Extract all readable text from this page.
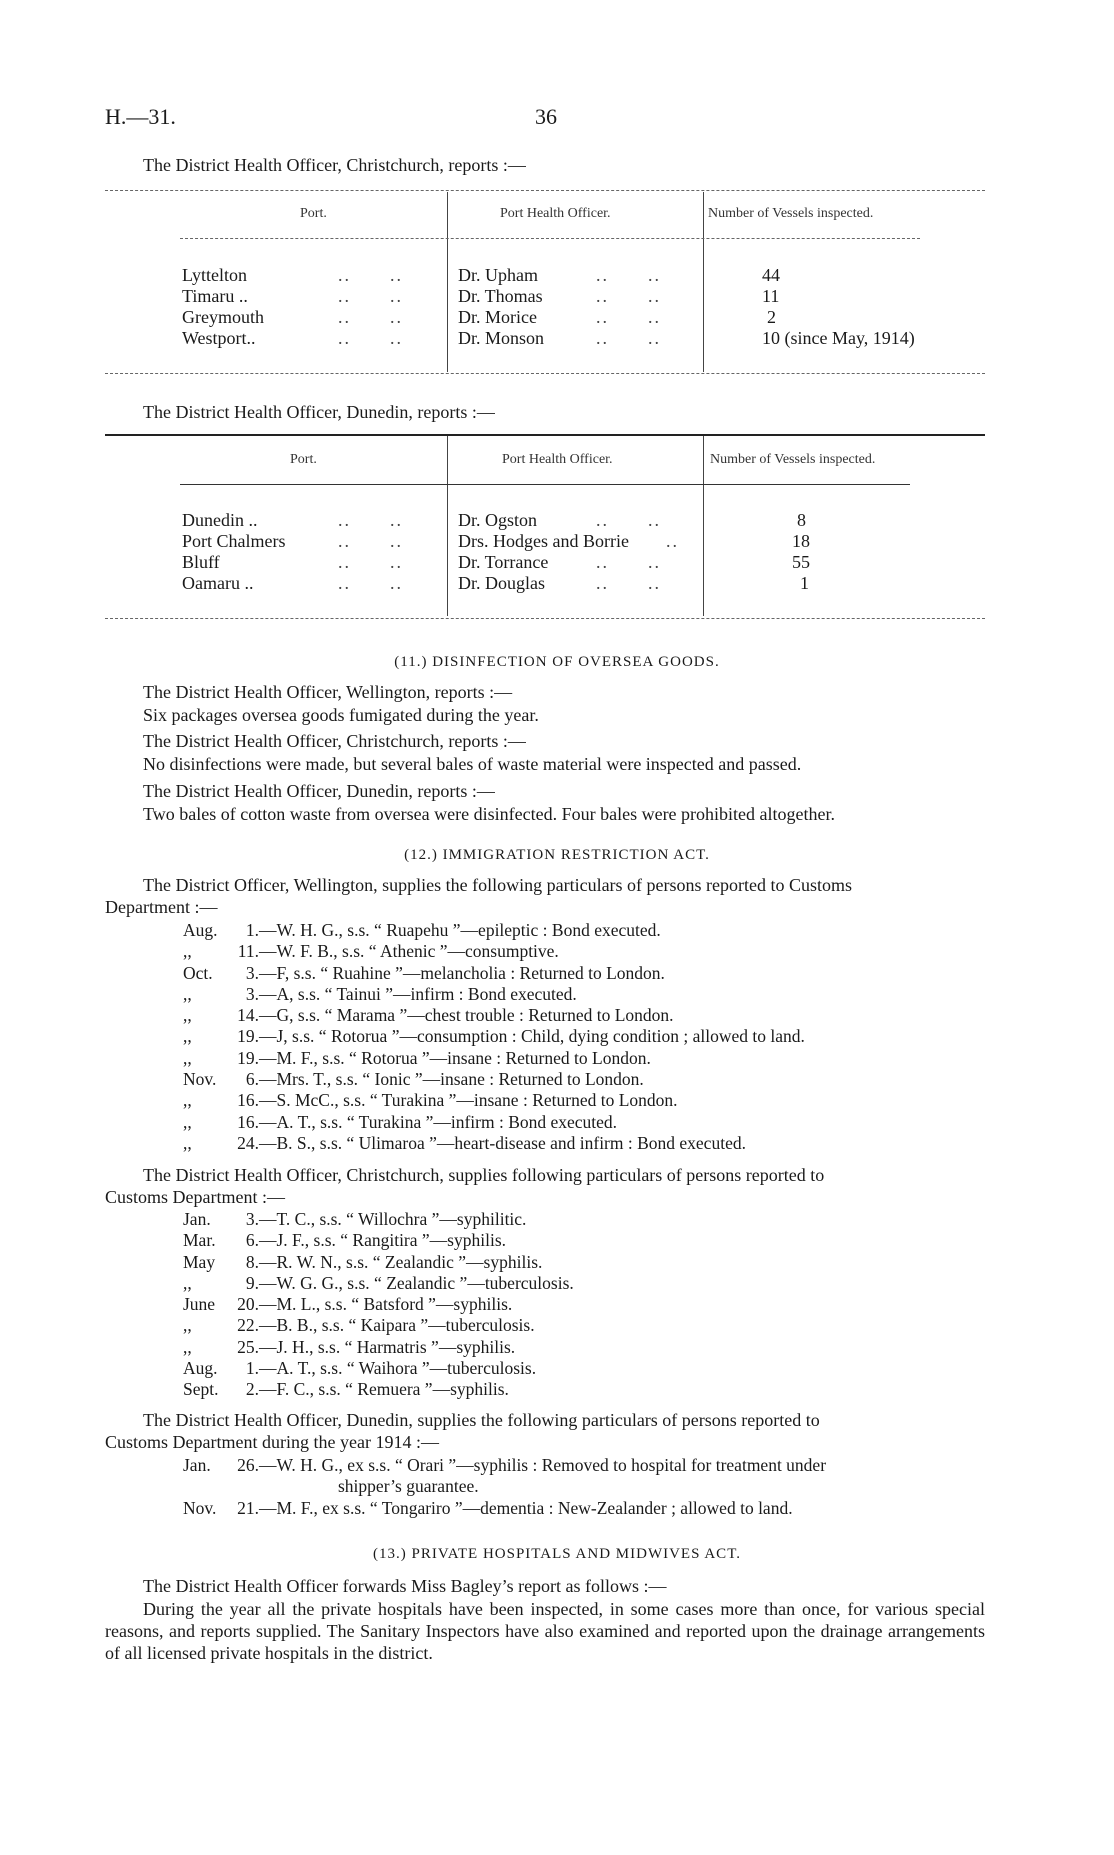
H.—31.	36
The District Health Officer, Christchurch, reports :—
Port.	Port Health Officer.	Number of Vessels inspected.
Lyttelton	..      ..	Dr. Upham	..      ..	44
Timaru ..	..      ..	Dr. Thomas	..      ..	11
Greymouth	..      ..	Dr. Morice	..      ..	2
Westport..	..      ..	Dr. Monson	..      ..	10 (since May, 1914)
The District Health Officer, Dunedin, reports :—
Port.	Port Health Officer.	Number of Vessels inspected.
Dunedin ..	..      ..	Dr. Ogston	..      ..	8
Port Chalmers	..      ..	Drs. Hodges and Borrie ..	18
Bluff	..      ..	Dr. Torrance	..      ..	55
Oamaru ..	..      ..	Dr. Douglas	..      ..	1
(11.) DISINFECTION OF OVERSEA GOODS.
The District Health Officer, Wellington, reports :—
Six packages oversea goods fumigated during the year.
The District Health Officer, Christchurch, reports :—
No disinfections were made, but several bales of waste material were inspected and passed.
The District Health Officer, Dunedin, reports :—
Two bales of cotton waste from oversea were disinfected. Four bales were prohibited altogether.
(12.) IMMIGRATION RESTRICTION ACT.
The District Officer, Wellington, supplies the following particulars of persons reported to Customs
Department :—
Aug.	1. —W. H. G., s.s. “ Ruapehu ”—epileptic : Bond executed.
,,	11. —W. F. B., s.s. “ Athenic ”—consumptive.
Oct.	3. —F, s.s. “ Ruahine ”—melancholia : Returned to London.
,,	3. —A, s.s. “ Tainui ”—infirm : Bond executed.
,,	14. —G, s.s. “ Marama ”—chest trouble : Returned to London.
,,	19. —J, s.s. “ Rotorua ”—consumption : Child, dying condition ; allowed to land.
,,	19. —M. F., s.s. “ Rotorua ”—insane : Returned to London.
Nov.	6. —Mrs. T., s.s. “ Ionic ”—insane : Returned to London.
,,	16. —S. McC., s.s. “ Turakina ”—insane : Returned to London.
,,	16. —A. T., s.s. “ Turakina ”—infirm : Bond executed.
,,	24. —B. S., s.s. “ Ulimaroa ”—heart-disease and infirm : Bond executed.
The District Health Officer, Christchurch, supplies following particulars of persons reported to
Customs Department :—
Jan.	3. —T. C., s.s. “ Willochra ”—syphilitic.
Mar.	6. —J. F., s.s. “ Rangitira ”—syphilis.
May	8. —R. W. N., s.s. “ Zealandic ”—syphilis.
,,	9. —W. G. G., s.s. “ Zealandic ”—tuberculosis.
June	20. —M. L., s.s. “ Batsford ”—syphilis.
,,	22. —B. B., s.s. “ Kaipara ”—tuberculosis.
,,	25. —J. H., s.s. “ Harmatris ”—syphilis.
Aug.	1. —A. T., s.s. “ Waihora ”—tuberculosis.
Sept.	2. —F. C., s.s. “ Remuera ”—syphilis.
The District Health Officer, Dunedin, supplies the following particulars of persons reported to
Customs Department during the year 1914 :—
Jan.	26. —W. H. G., ex s.s. “ Orari ”—syphilis : Removed to hospital for treatment under
shipper’s guarantee.
Nov.	21. —M. F., ex s.s. “ Tongariro ”—dementia : New-Zealander ; allowed to land.
(13.) PRIVATE HOSPITALS AND MIDWIVES ACT.
The District Health Officer forwards Miss Bagley’s report as follows :—
During the year all the private hospitals have been inspected, in some cases more than once, for various special reasons, and reports supplied. The Sanitary Inspectors have also examined and reported upon the drainage arrangements of all licensed private hospitals in the district.
